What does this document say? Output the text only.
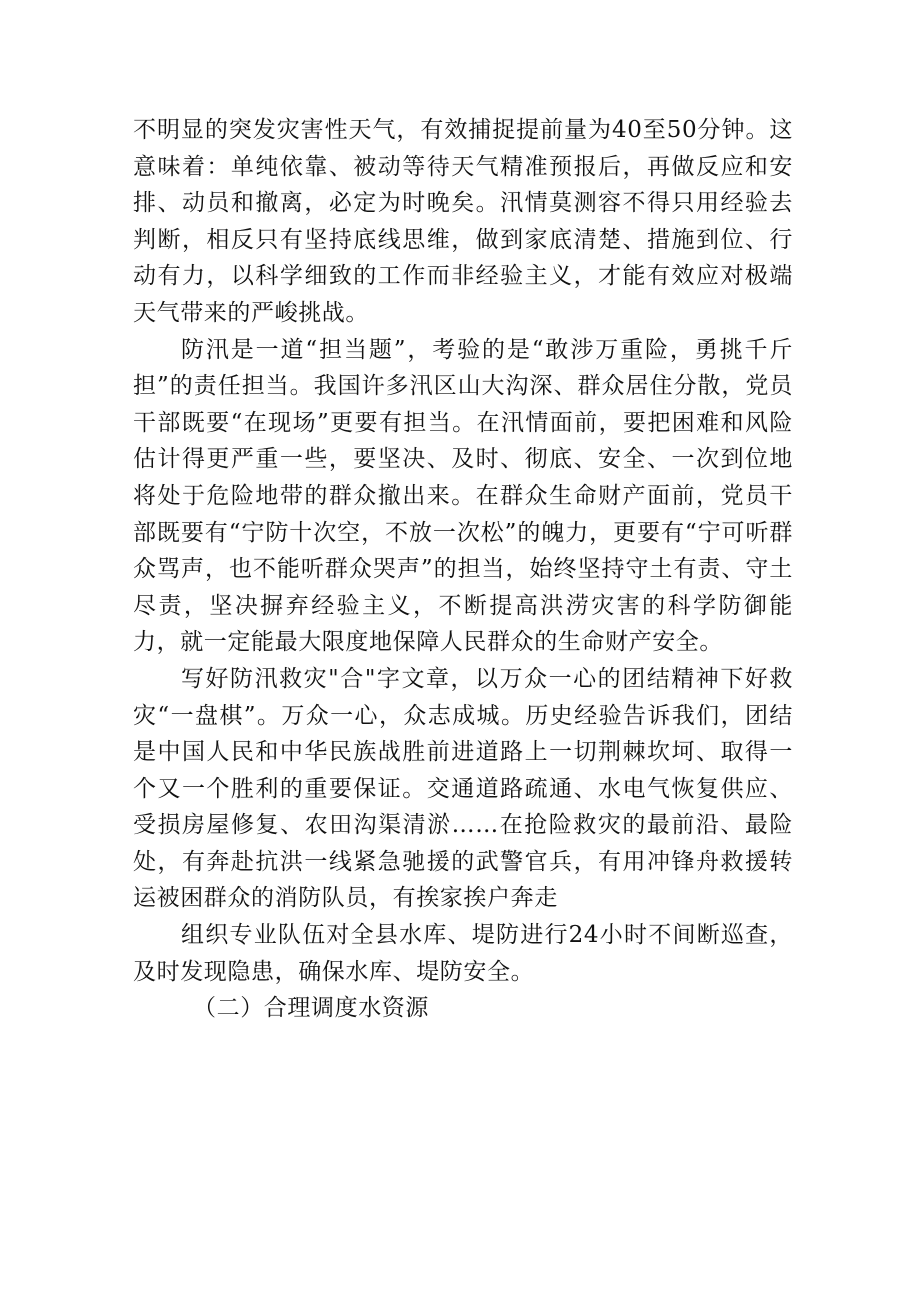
不明显的突发灾害性天气，有效捕捉提前量为40至50分钟。这意味着：单纯依靠、被动等待天气精准预报后，再做反应和安排、动员和撤离，必定为时晚矣。汛情莫测容不得只用经验去判断，相反只有坚持底线思维，做到家底清楚、措施到位、行动有力，以科学细致的工作而非经验主义，才能有效应对极端天气带来的严峻挑战。

防汛是一道“担当题”，考验的是“敢涉万重险，勇挑千斤担”的责任担当。我国许多汛区山大沟深、群众居住分散，党员干部既要“在现场”更要有担当。在汛情面前，要把困难和风险估计得更严重一些，要坚决、及时、彻底、安全、一次到位地将处于危险地带的群众撤出来。在群众生命财产面前，党员干部既要有“宁防十次空，不放一次松”的魄力，更要有“宁可听群众骂声，也不能听群众哭声”的担当，始终坚持守土有责、守土尽责，坚决摒弃经验主义，不断提高洪涝灾害的科学防御能力，就一定能最大限度地保障人民群众的生命财产安全。

写好防汛救灾"合"字文章，以万众一心的团结精神下好救灾“一盘棋”。万众一心，众志成城。历史经验告诉我们，团结是中国人民和中华民族战胜前进道路上一切荆棘坎坷、取得一个又一个胜利的重要保证。交通道路疏通、水电气恢复供应、受损房屋修复、农田沟渠清淤……在抢险救灾的最前沿、最险处，有奔赴抗洪一线紧急驰援的武警官兵，有用冲锋舟救援转运被困群众的消防队员，有挨家挨户奔走

组织专业队伍对全县水库、堤防进行24小时不间断巡查，及时发现隐患，确保水库、堤防安全。

（二）合理调度水资源
